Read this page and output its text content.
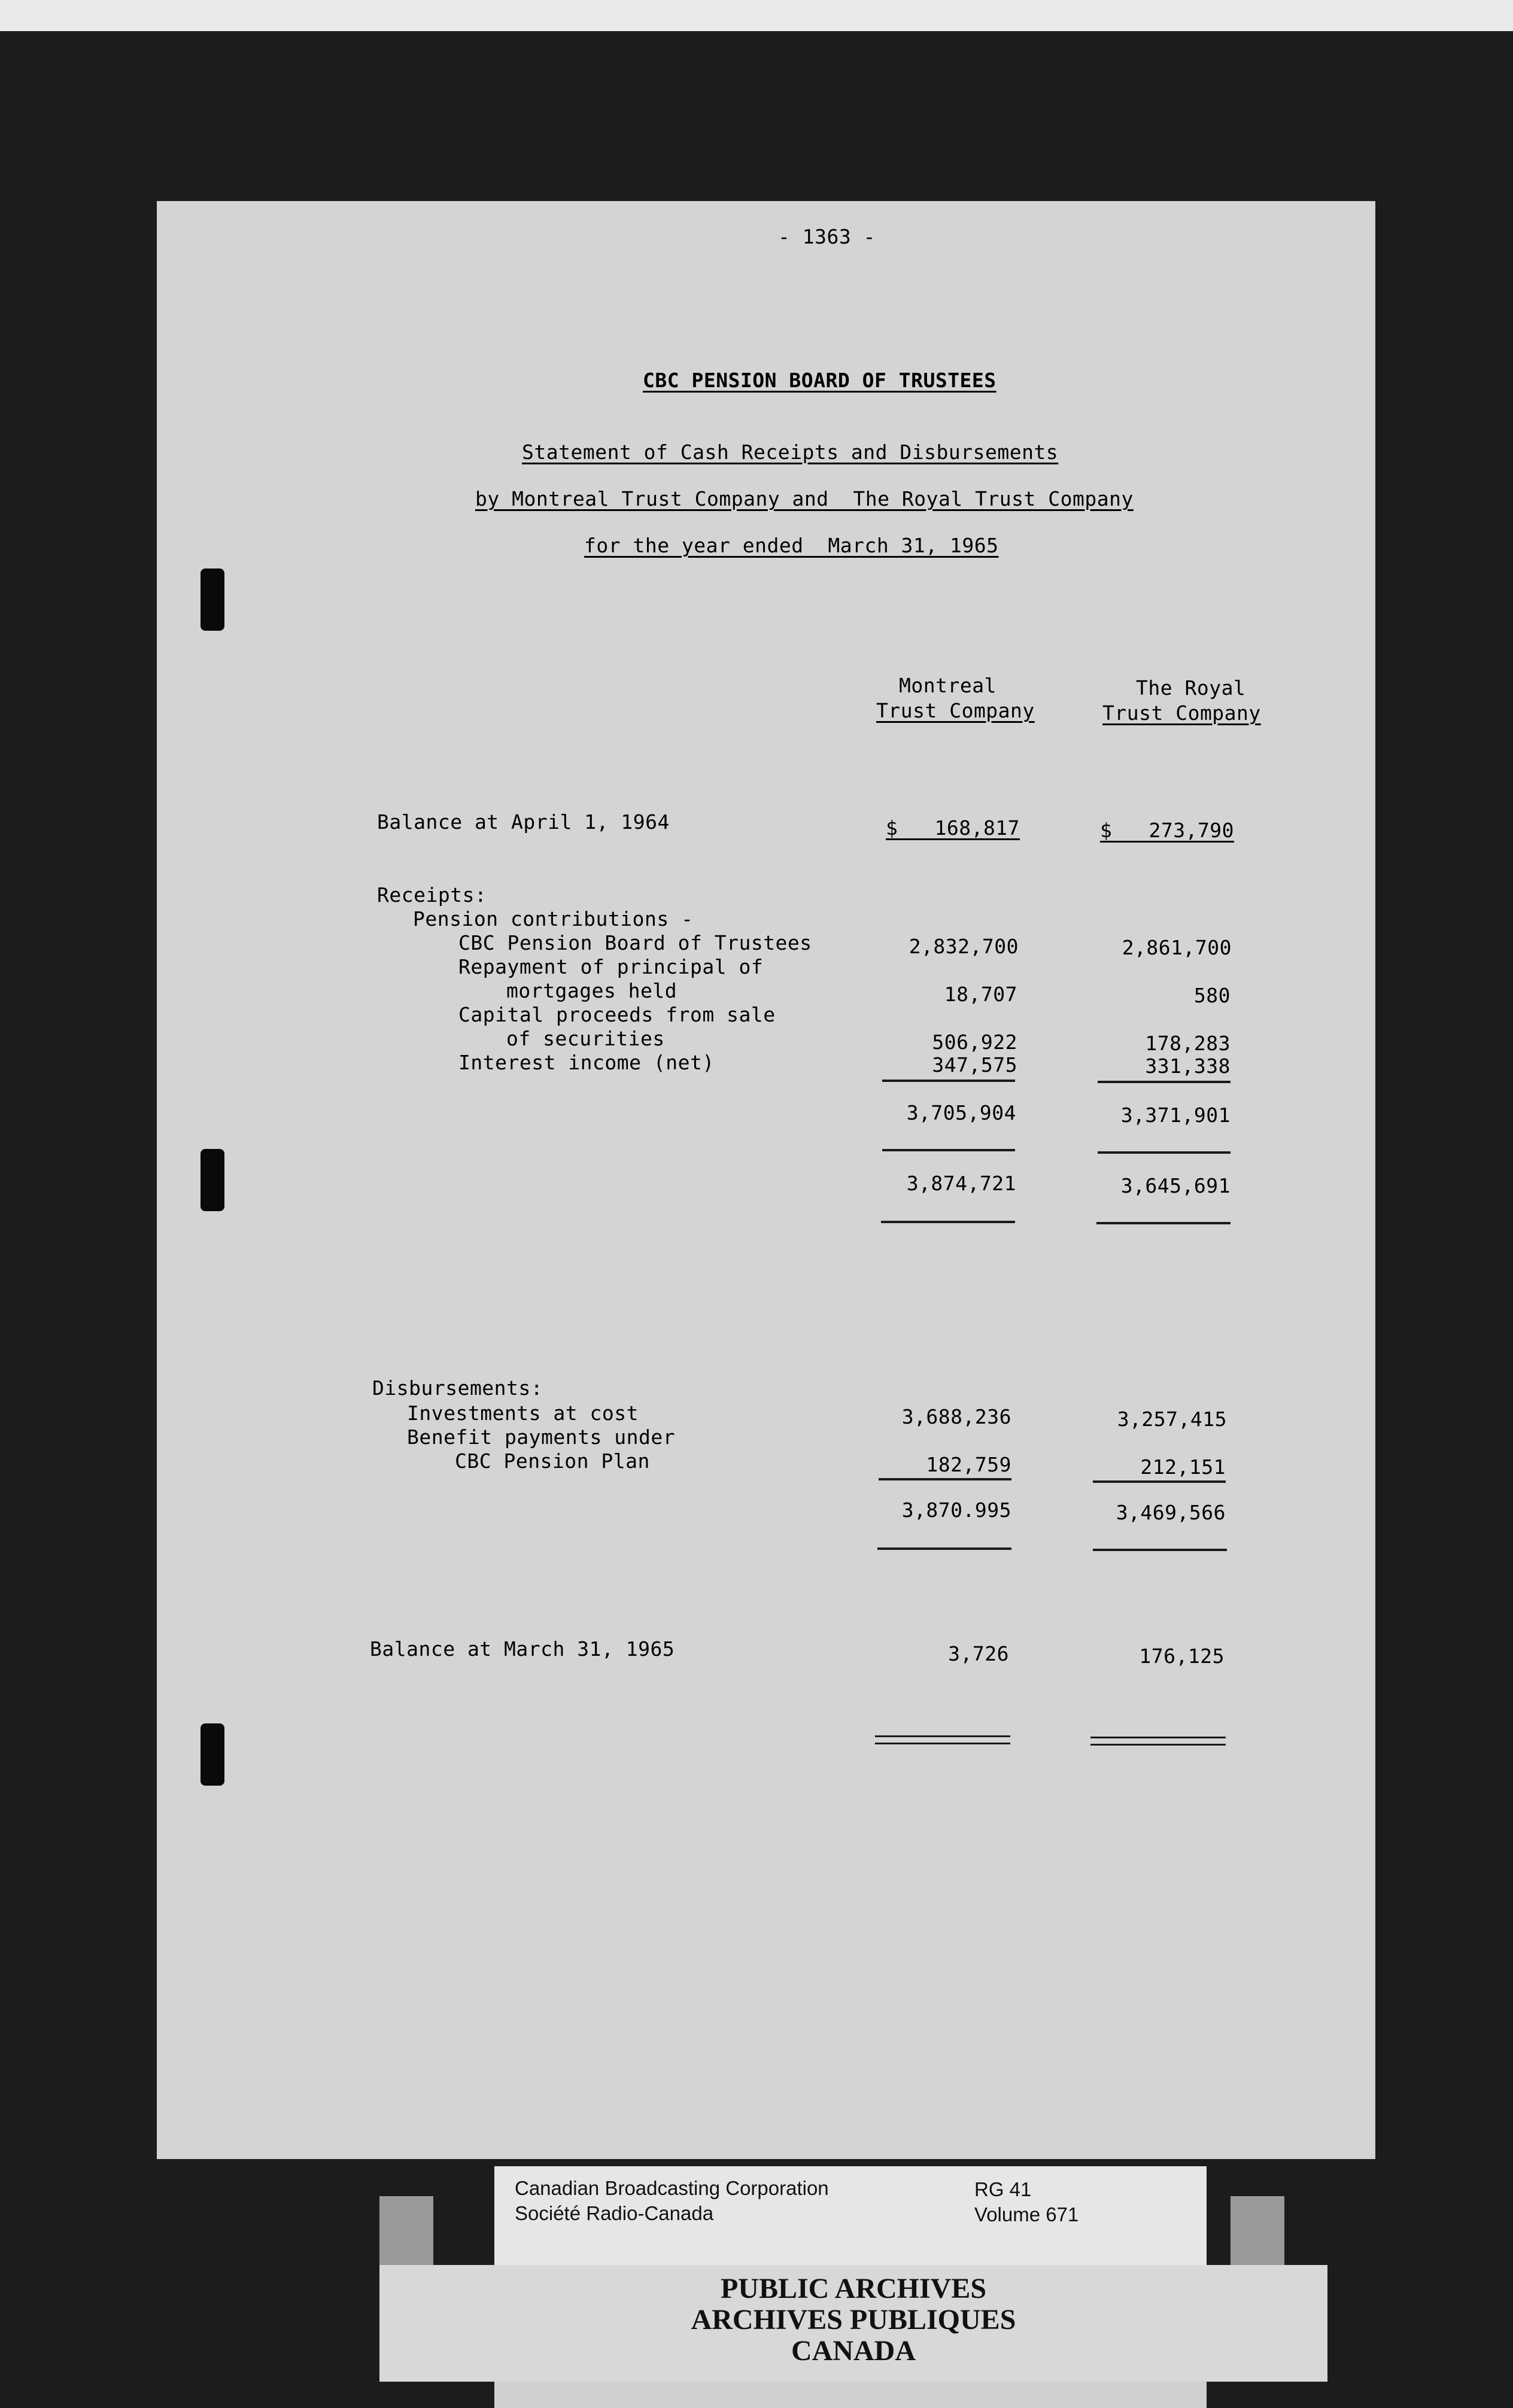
- 1363 -
CBC PENSION BOARD OF TRUSTEES
Statement of Cash Receipts and Disbursements
by Montreal Trust Company and  The Royal Trust Company
for the year ended  March 31, 1965
Montreal
Trust Company
The Royal
Trust Company
Balance at April 1, 1964	$   168,817	$   273,790
Receipts:
Pension contributions -
CBC Pension Board of Trustees	2,832,700	2,861,700
Repayment of principal of
mortgages held	18,707	580
Capital proceeds from sale
of securities	506,922	178,283
Interest income (net)	347,575	331,338
3,705,904	3,371,901
3,874,721	3,645,691
Disbursements:
Investments at cost	3,688,236	3,257,415
Benefit payments under
CBC Pension Plan	182,759	212,151
3,870.995	3,469,566
Balance at March 31, 1965	3,726	176,125
Canadian Broadcasting Corporation
Société Radio-Canada
RG 41
Volume 671
PUBLIC ARCHIVES
ARCHIVES PUBLIQUES
CANADA
